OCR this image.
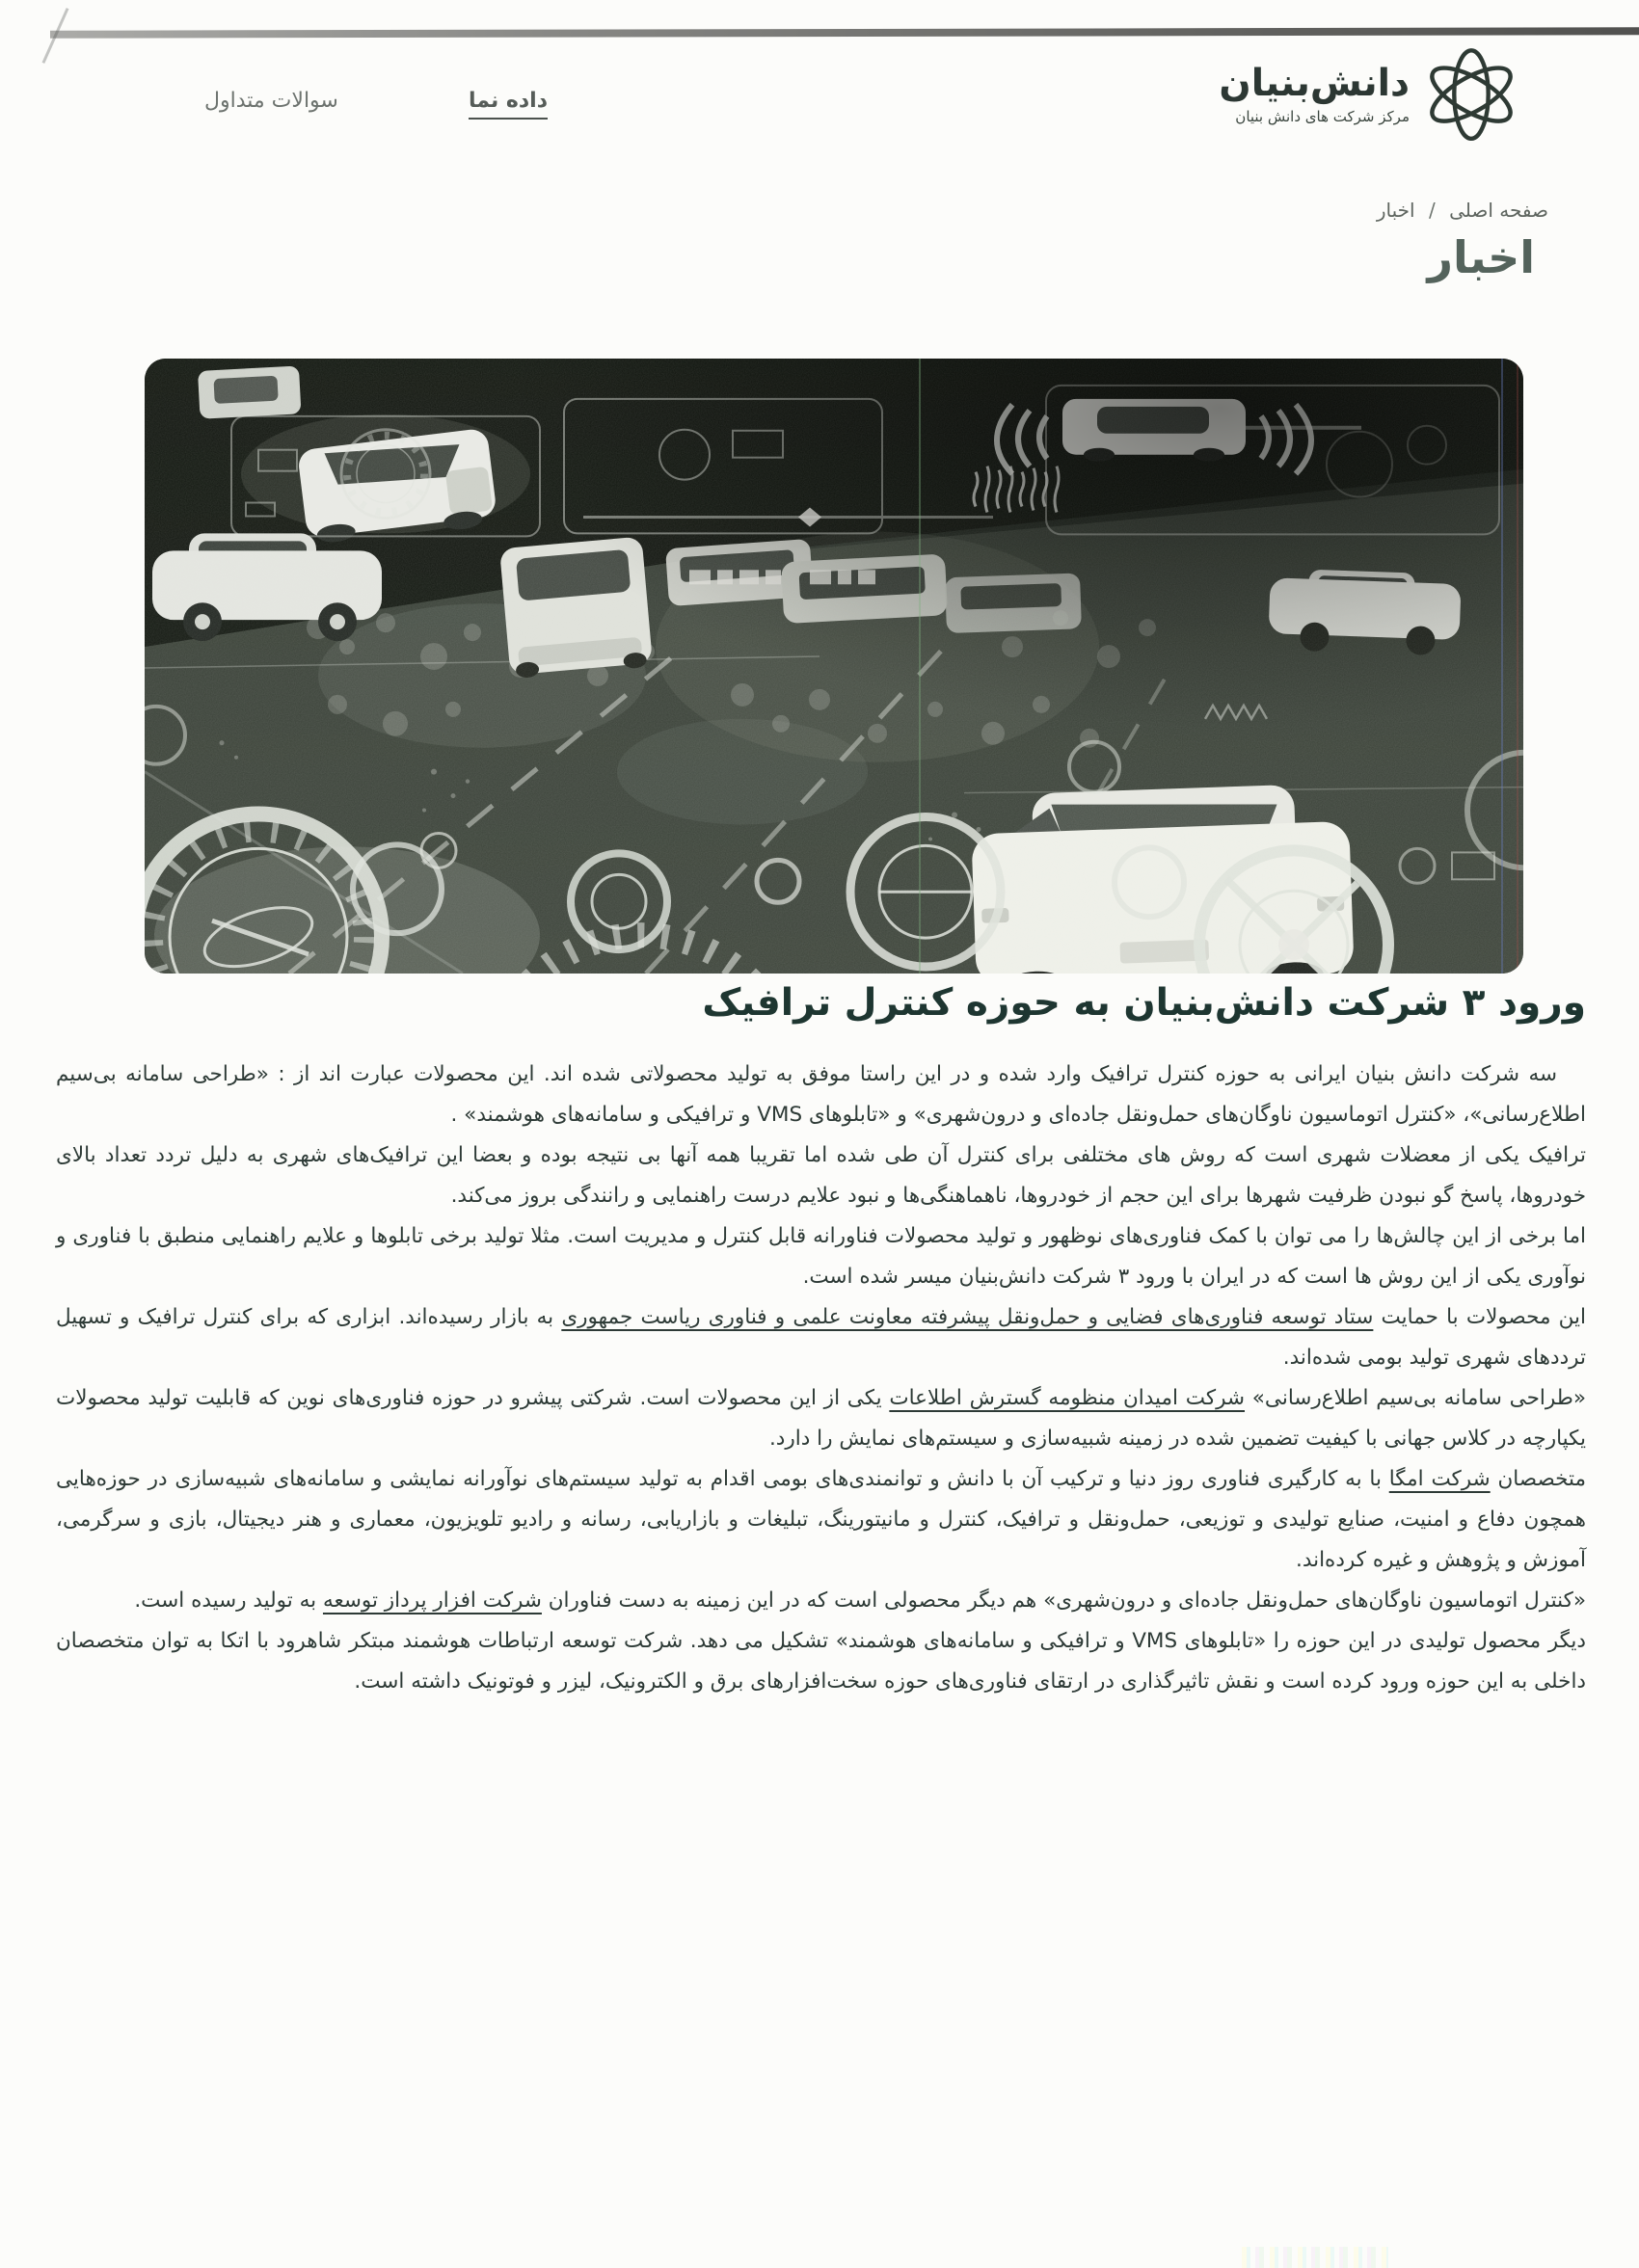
دانش‌بنیان
مرکز شرکت های دانش بنیان
داده نما
سوالات متداول
صفحه اصلی / اخبار
اخبار
ورود ۳ شرکت دانش‌بنیان به حوزه کنترل ترافیک

سه شرکت دانش بنیان ایرانی به حوزه کنترل ترافیک وارد شده و در این راستا موفق به تولید محصولاتی شده اند. این محصولات عبارت اند از : «طراحی سامانه بی‌سیم اطلاع‌رسانی»، «کنترل اتوماسیون ناوگان‌های حمل‌ونقل جاده‌ای و درون‌شهری» و «تابلوهای VMS و ترافیکی و سامانه‌های هوشمند» .

ترافیک یکی از معضلات شهری است که روش های مختلفی برای کنترل آن طی شده اما تقریبا همه آنها بی نتیجه بوده و بعضا این ترافیک‌های شهری به دلیل تردد تعداد بالای خودروها، پاسخ گو نبودن ظرفیت شهرها برای این حجم از خودروها، ناهماهنگی‌ها و نبود علایم درست راهنمایی و رانندگی بروز می‌کند.

اما برخی از این چالش‌ها را می توان با کمک فناوری‌های نوظهور و تولید محصولات فناورانه قابل کنترل و مدیریت است. مثلا تولید برخی تابلوها و علایم راهنمایی منطبق با فناوری و نوآوری یکی از این روش ها است که در ایران با ورود ۳ شرکت دانش‌بنیان میسر شده است.

این محصولات با حمایت ستاد توسعه فناوری‌های فضایی و حمل‌ونقل پیشرفته معاونت علمی و فناوری ریاست جمهوری به بازار رسیده‌اند. ابزاری که برای کنترل ترافیک و تسهیل ترددهای شهری تولید بومی شده‌اند.

«طراحی سامانه بی‌سیم اطلاع‌رسانی» شرکت امیدان منظومه گسترش اطلاعات یکی از این محصولات است. شرکتی پیشرو در حوزه فناوری‌های نوین که قابلیت تولید محصولات یکپارچه در کلاس جهانی با کیفیت تضمین شده در زمینه شبیه‌سازی و سیستم‌های نمایش را دارد.

متخصصان شرکت امگا با به کارگیری فناوری روز دنیا و ترکیب آن با دانش و توانمندی‌های بومی اقدام به تولید سیستم‌های نوآورانه نمایشی و سامانه‌های شبیه‌سازی در حوزه‌هایی همچون دفاع و امنیت، صنایع تولیدی و توزیعی، حمل‌ونقل و ترافیک، کنترل و مانیتورینگ، تبلیغات و بازاریابی، رسانه و رادیو تلویزیون، معماری و هنر دیجیتال، بازی و سرگرمی، آموزش و پژوهش و غیره کرده‌اند.

«کنترل اتوماسیون ناوگان‌های حمل‌ونقل جاده‌ای و درون‌شهری» هم دیگر محصولی است که در این زمینه به دست فناوران شرکت افزار پرداز توسعه به تولید رسیده است.

دیگر محصول تولیدی در این حوزه را «تابلوهای VMS و ترافیکی و سامانه‌های هوشمند» تشکیل می دهد. شرکت توسعه ارتباطات هوشمند مبتکر شاهرود با اتکا به توان متخصصان داخلی به این حوزه ورود کرده است و نقش تاثیرگذاری در ارتقای فناوری‌های حوزه سخت‌افزارهای برق و الکترونیک، لیزر و فوتونیک داشته است.
